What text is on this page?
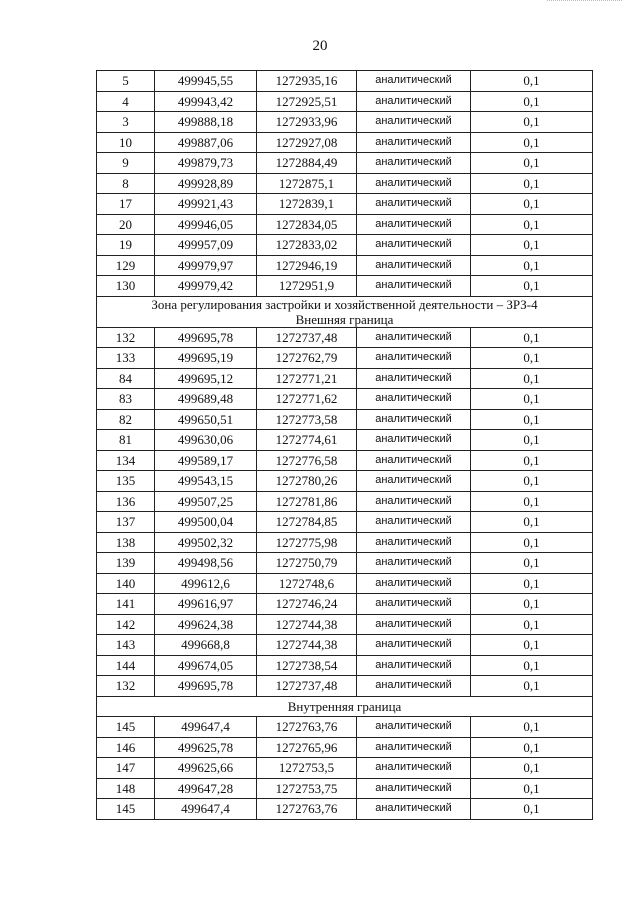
20
5	499945,55	1272935,16	аналитический	0,1
4	499943,42	1272925,51	аналитический	0,1
3	499888,18	1272933,96	аналитический	0,1
10	499887,06	1272927,08	аналитический	0,1
9	499879,73	1272884,49	аналитический	0,1
8	499928,89	1272875,1	аналитический	0,1
17	499921,43	1272839,1	аналитический	0,1
20	499946,05	1272834,05	аналитический	0,1
19	499957,09	1272833,02	аналитический	0,1
129	499979,97	1272946,19	аналитический	0,1
130	499979,42	1272951,9	аналитический	0,1

Зона регулирования застройки и хозяйственной деятельности – ЗРЗ-4
Внешняя граница				

132	499695,78	1272737,48	аналитический	0,1
133	499695,19	1272762,79	аналитический	0,1
84	499695,12	1272771,21	аналитический	0,1
83	499689,48	1272771,62	аналитический	0,1
82	499650,51	1272773,58	аналитический	0,1
81	499630,06	1272774,61	аналитический	0,1
134	499589,17	1272776,58	аналитический	0,1
135	499543,15	1272780,26	аналитический	0,1
136	499507,25	1272781,86	аналитический	0,1
137	499500,04	1272784,85	аналитический	0,1
138	499502,32	1272775,98	аналитический	0,1
139	499498,56	1272750,79	аналитический	0,1
140	499612,6	1272748,6	аналитический	0,1
141	499616,97	1272746,24	аналитический	0,1
142	499624,38	1272744,38	аналитический	0,1
143	499668,8	1272744,38	аналитический	0,1
144	499674,05	1272738,54	аналитический	0,1
132	499695,78	1272737,48	аналитический	0,1
Внутренняя граница				
145	499647,4	1272763,76	аналитический	0,1
146	499625,78	1272765,96	аналитический	0,1
147	499625,66	1272753,5	аналитический	0,1
148	499647,28	1272753,75	аналитический	0,1
145	499647,4	1272763,76	аналитический	0,1
